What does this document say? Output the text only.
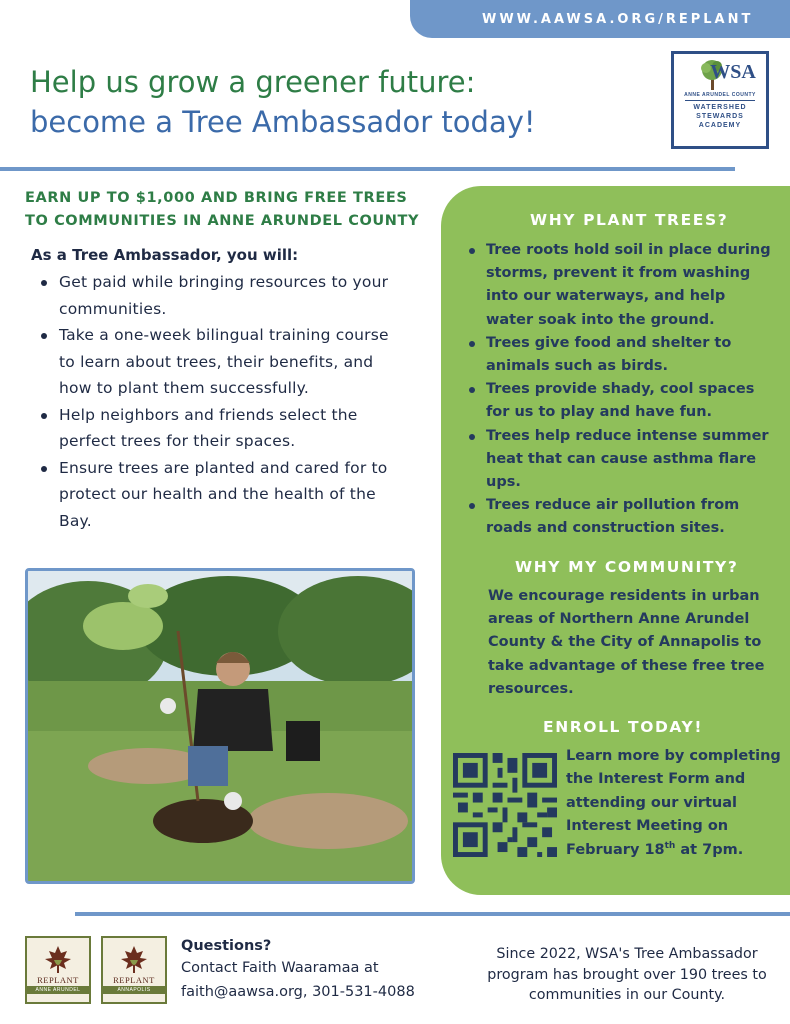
WWW.AAWSA.ORG/REPLANT
Help us grow a greener future:
become a Tree Ambassador today!
WSA
ANNE ARUNDEL COUNTY
WATERSHED
STEWARDS
ACADEMY
EARN UP TO $1,000 AND BRING FREE TREES
TO COMMUNITIES IN ANNE ARUNDEL COUNTY
As a Tree Ambassador, you will:
Get paid while bringing resources to your communities.
Take a one-week bilingual training course to learn about trees, their benefits, and how to plant them successfully.
Help neighbors and friends select the perfect trees for their spaces.
Ensure trees are planted and cared for to protect our health and the health of the Bay.
WHY PLANT TREES?
Tree roots hold soil in place during storms, prevent it from washing into our waterways, and help water soak into the ground.
Trees give food and shelter to animals such as birds.
Trees provide shady, cool spaces for us to play and have fun.
Trees help reduce intense summer heat that can cause asthma flare ups.
Trees reduce air pollution from roads and construction sites.
WHY MY COMMUNITY?
We encourage residents in urban areas of Northern Anne Arundel County & the City of Annapolis to take advantage of these free tree resources.
ENROLL TODAY!
Learn more by completing the Interest Form and attending our virtual Interest Meeting on February 18th at 7pm.
REPLANT
ANNE ARUNDEL
REPLANT
ANNAPOLIS
Questions?
Contact Faith Waaramaa at
faith@aawsa.org, 301-531-4088
Since 2022, WSA's Tree Ambassador program has brought over 190 trees to communities in our County.
